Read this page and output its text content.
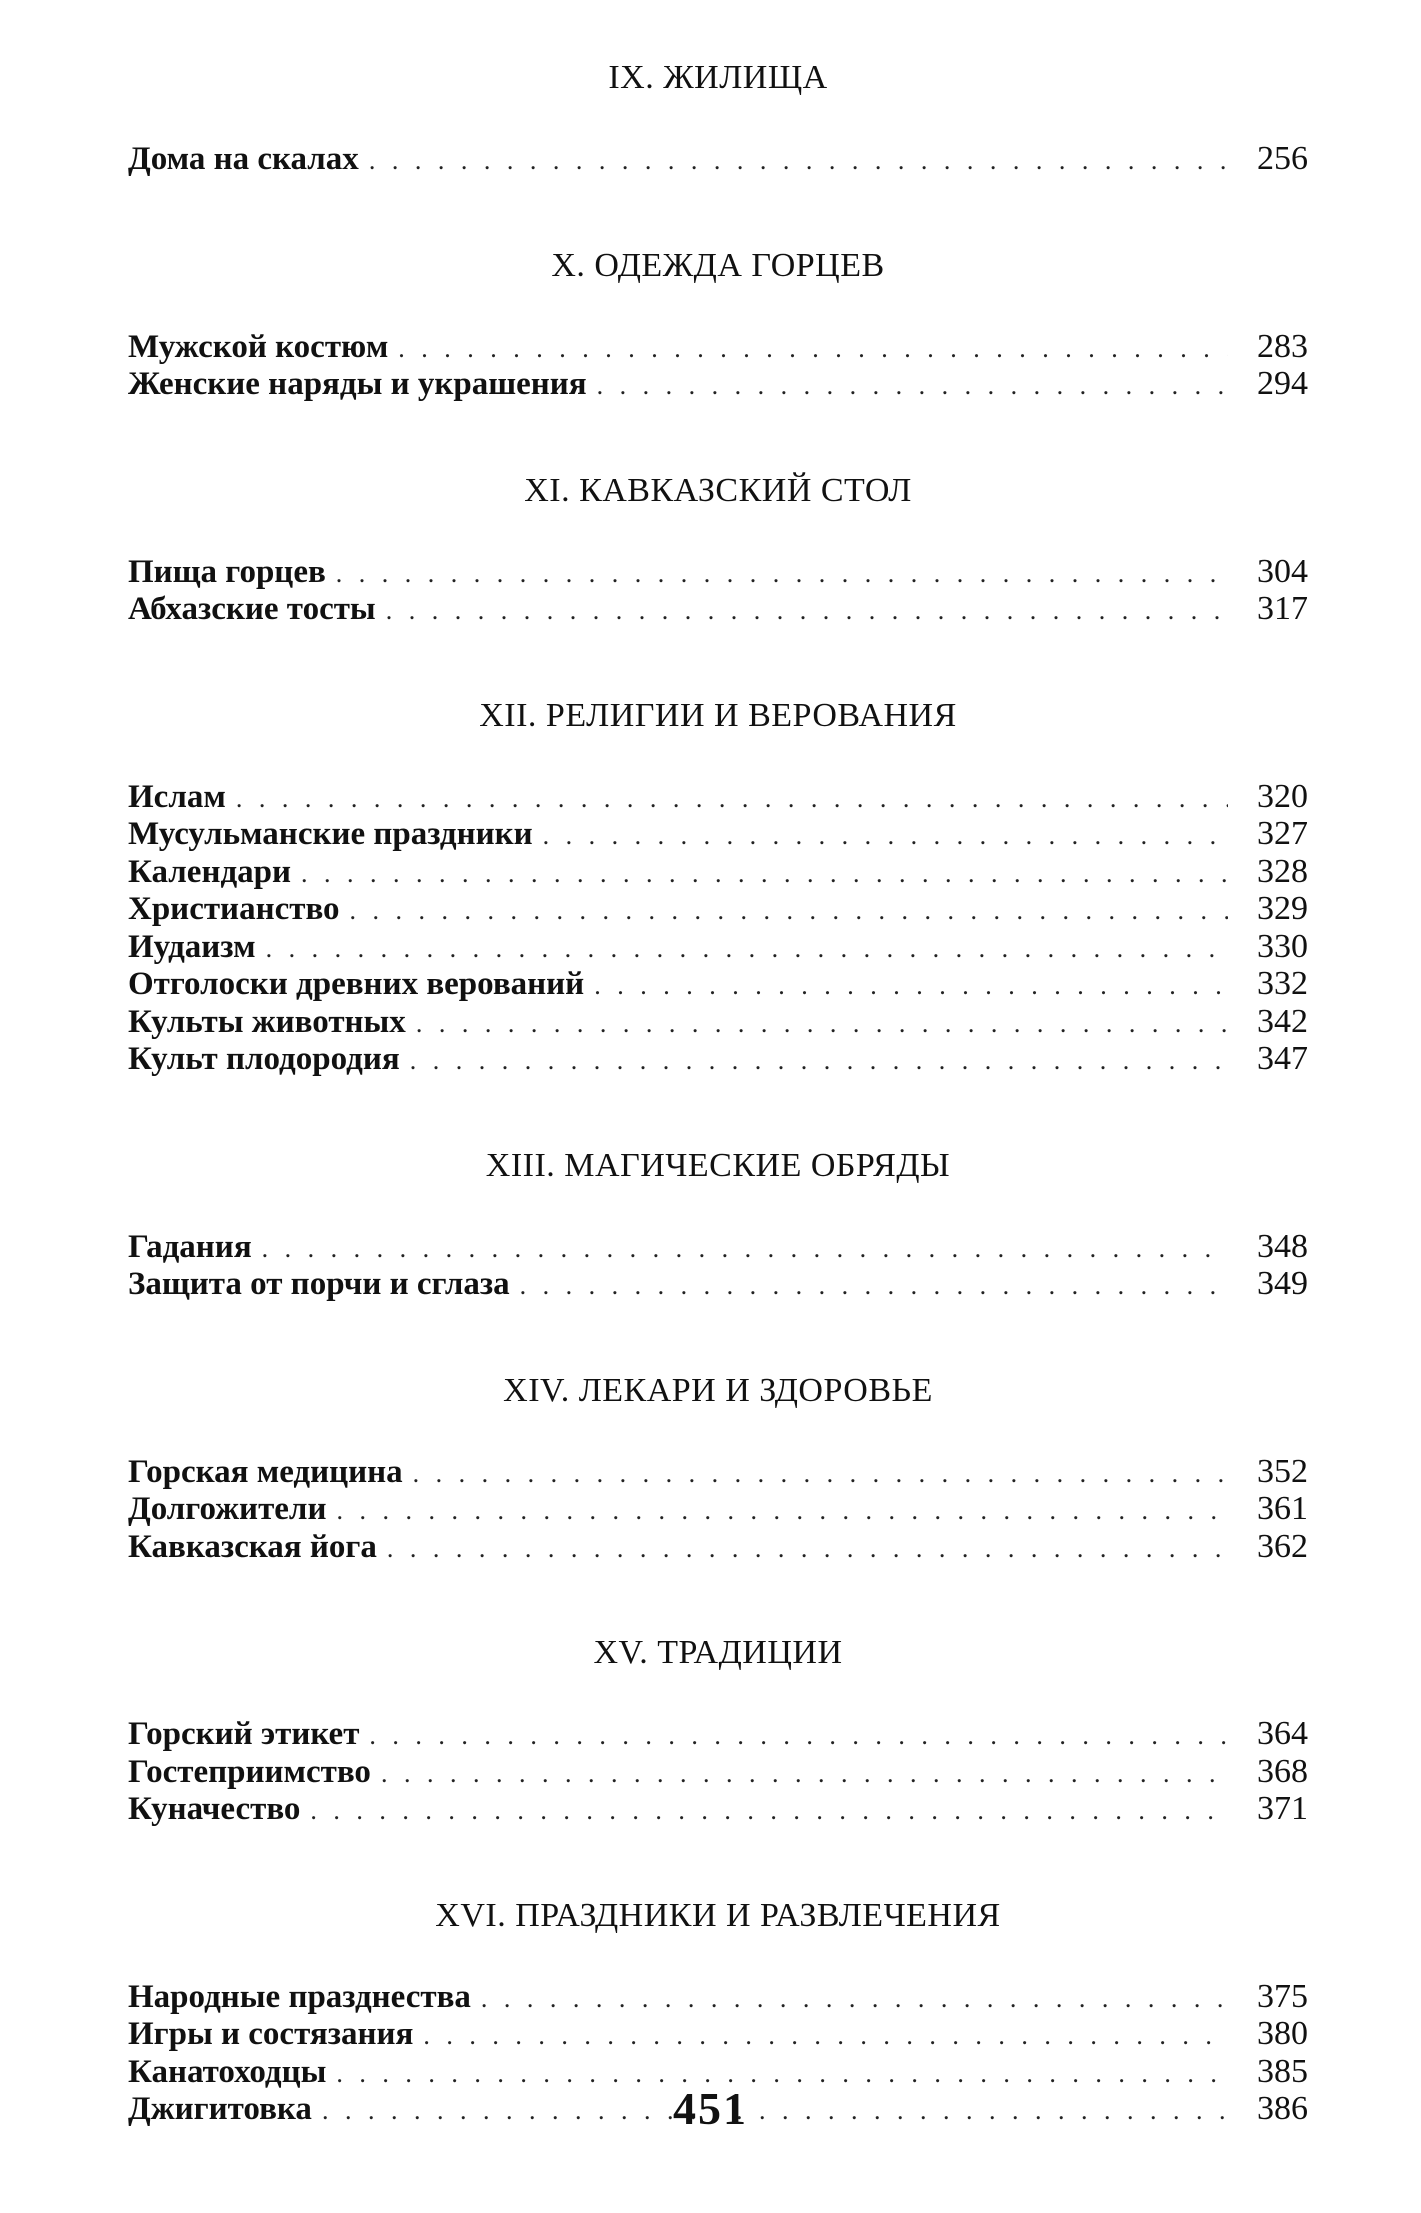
IX. ЖИЛИЩА
Дома на скалах . . .	256
X. ОДЕЖДА ГОРЦЕВ
Мужской костюм . . .	283
Женские наряды и украшения . . .	294
XI. КАВКАЗСКИЙ СТОЛ
Пища горцев . . .	304
Абхазские тосты . . .	317
XII. РЕЛИГИИ И ВЕРОВАНИЯ
Ислам . . .	320
Мусульманские праздники . . .	327
Календари . . .	328
Христианство . . .	329
Иудаизм . . .	330
Отголоски древних верований . . .	332
Культы животных . . .	342
Культ плодородия . . .	347
XIII. МАГИЧЕСКИЕ ОБРЯДЫ
Гадания . . .	348
Защита от порчи и сглаза . . .	349
XIV. ЛЕКАРИ И ЗДОРОВЬЕ
Горская медицина . . .	352
Долгожители . . .	361
Кавказская йога . . .	362
XV. ТРАДИЦИИ
Горский этикет . . .	364
Гостеприимство . . .	368
Куначество . . .	371
XVI. ПРАЗДНИКИ И РАЗВЛЕЧЕНИЯ
Народные празднества . . .	375
Игры и состязания . . .	380
Канатоходцы . . .	385
Джигитовка . . .	386
451
